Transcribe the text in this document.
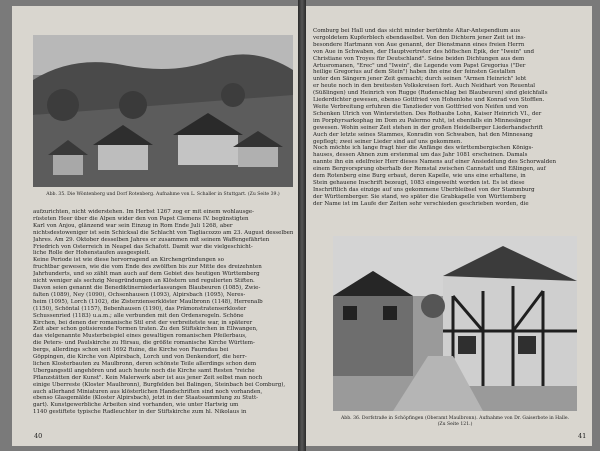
Abb. 35. Die Wöntenberg und Dorf Rotenberg. Aufnahme von L. Schaller in Stuttgart. (Zu Seite 39.)
aufzurichten, nicht widerstehen. Im Herbst 1267 zog er mit einem wohlausge-
rüsteten Heer über die Alpen wider den von Papst Clemens IV. begünstigten
Karl von Anjou, glänzend war sein Einzug in Rom Ende Juli 1268, aber
nichtsdestoweniger ist sein Schicksal die Schlacht von Tagliacozzo am 23. August desselben
Jahres. Am 29. Oktober desselben Jahres er zusammen mit seinem Waffengefährten
Friedrich von Österreich in Neapel das Schafott. Damit war die vielgeschicht-
liche Rolle der Hohenstaufen ausgespielt.
Keine Periode ist wie diese hervorragend an Kirchengründungen so
fruchtbar gewesen, wie die vom Ende des zwölften bis zur Mitte des dreizehnten
Jahrhunderts, und so zählt man auch auf dem Gebiet des heutigen Württemberg
nicht weniger als sechzig Neugründungen an Klöstern und regulierten Stiften.
Davon seien genannt die Benediktinerniederlassungen Blaubeuren (1085), Zwie-
falten (1089), Ney (1090), Ochsenhausen (1093), Alpirsbach (1095), Neres-
heim (1095), Lorch (1102), die Zisterzienserklöster Maulbronn (1148), Herrenalb
(1150), Schöntal (1157), Bebenhausen (1190), das Prämonstratenserkloster
Schussenried (1183) u.a.m.; alle verbunden mit den Ordensregeln. Schöne
Kirchen, bei denen der romanische Stil erst der verbreitetste war, in späterer
Zeit aber schon gotisierende Formen traten. Zu den Stiftskirchen in Ellwangen,
das vielgenannte Musterbeispiel eines gewaltigen romanischen Pfeilerbaus,
die Peters- und Paulskirche zu Hirsau, die größte romanische Kirche Württem-
bergs, allerdings schon seit 1692 Ruine, die Kirche von Faurndau bei
Göppingen, die Kirche von Alpirsbach, Lorch und von Denkendorf, die herr-
lichen Klosterbauten zu Maulbronn, deren schönste Teile allerdings schon dem
Übergangsstil angehören und auch heute noch die Kirche samt Resten "reiche
Pflanzstätten der Kunst". Kein Malerwerk aber ist aus jener Zeit selbst man noch
einige Überreste (Kloster Maulbronn), Burgfelden bei Balingen, Steinbach bei Comburg),
auch allerhand Miniaturen aus klösterlichen Handschriften sind noch vorhanden,
ebenso Glasgemälde (Kloster Alpirsbach), jetzt in der Staatssammlung zu Stutt-
gart). Kunstgewerbliche Arbeiten sind vorhanden, wie unter Hartwig um
1140 gestiftete typische Radleuchter in der Stiftskirche zum hl. Nikolaus in
40
Comburg bei Hall und das sicht minder berühmte Altar-Antependium aus
vergoldetem Kupferblech ebendaselbst. Von den Dichtern jener Zeit ist ins-
besondere Hartmann von Aue genannt, der Dienstmann eines freien Herrn
von Aue in Schwaben, der Hauptvertreter des höfischen Epik, der "Iwein" und
Christiane von Troyes für Deutschland". Seine beiden Dichtungen aus dem
Artusromanen, "Erec" und "Iwein", die Legende vom Papst Gregorius ("Der
heilige Gregorius auf dem Stein") haben ihn eine der feinsten Gestalten
unter den Sängern jener Zeit gemacht; durch seinen "Armen Heinrich" lebt
er heute noch in den breitesten Volkskreisen fort. Auch Neidhart von Reuental
(Süßlingen) und Heinrich von Rugge (Rudenschlag bei Blaubeuren) sind gleichfalls
Liederdichter gewesen, ebenso Gottfried von Hohenlohe und Konrad von Stofflen.
Weite Verbreitung erfuhren die Tanzlieder von Gottfried von Neifen und von
Schenken Ulrich von Winterstetten. Des Rothaubs Lohn, Kaiser Heinrich VI., der
im Porphyrsarkophag im Dom zu Palermo ruht, ist ebenfalls ein Minnesänger
gewesen. Wohin seiner Zeit stehen in der großen Heidelberger Liederhandschrift
Auch der letzte seines Stammes, Konradin von Schwaben, hat den Minnesang
gepflegt; zwei seiner Lieder sind auf uns gekommen.
Noch möchte ich lange fragt hier die Anfänge des württembergischen Königs-
hauses, dessen Ahnen zum erstenmal um das Jahr 1081 erscheinen. Damals
nannte ihn ein edelfreier Herr dieses Namens auf einer Ansiedelung des Schorwalden
einem Bergvorsprung oberhalb der Remstal zwischen Cannstatt und Eßlingen, auf
dem Rotenberg eine Burg erbaut, deren Kapelle, wie uns eine erhaltene, in
Stein gehauene Inschrift bezeugt, 1083 eingeweiht worden ist. Es ist diese
Inschriftlich das einzige auf uns gekommene Überbleibsel von der Stammburg
der Württemberger. Sie stand, wo später die Grabkapelle von Württemberg
der Name ist im Laufe der Zeiten sehr verschieden geschrieben worden, die
Abb. 36. Dorfstraße in Schöpfingen (Oberamt Maulbronn). Aufnahme von Dr. Gaiserbote in Halle.
(Zu Seite 121.)
41
